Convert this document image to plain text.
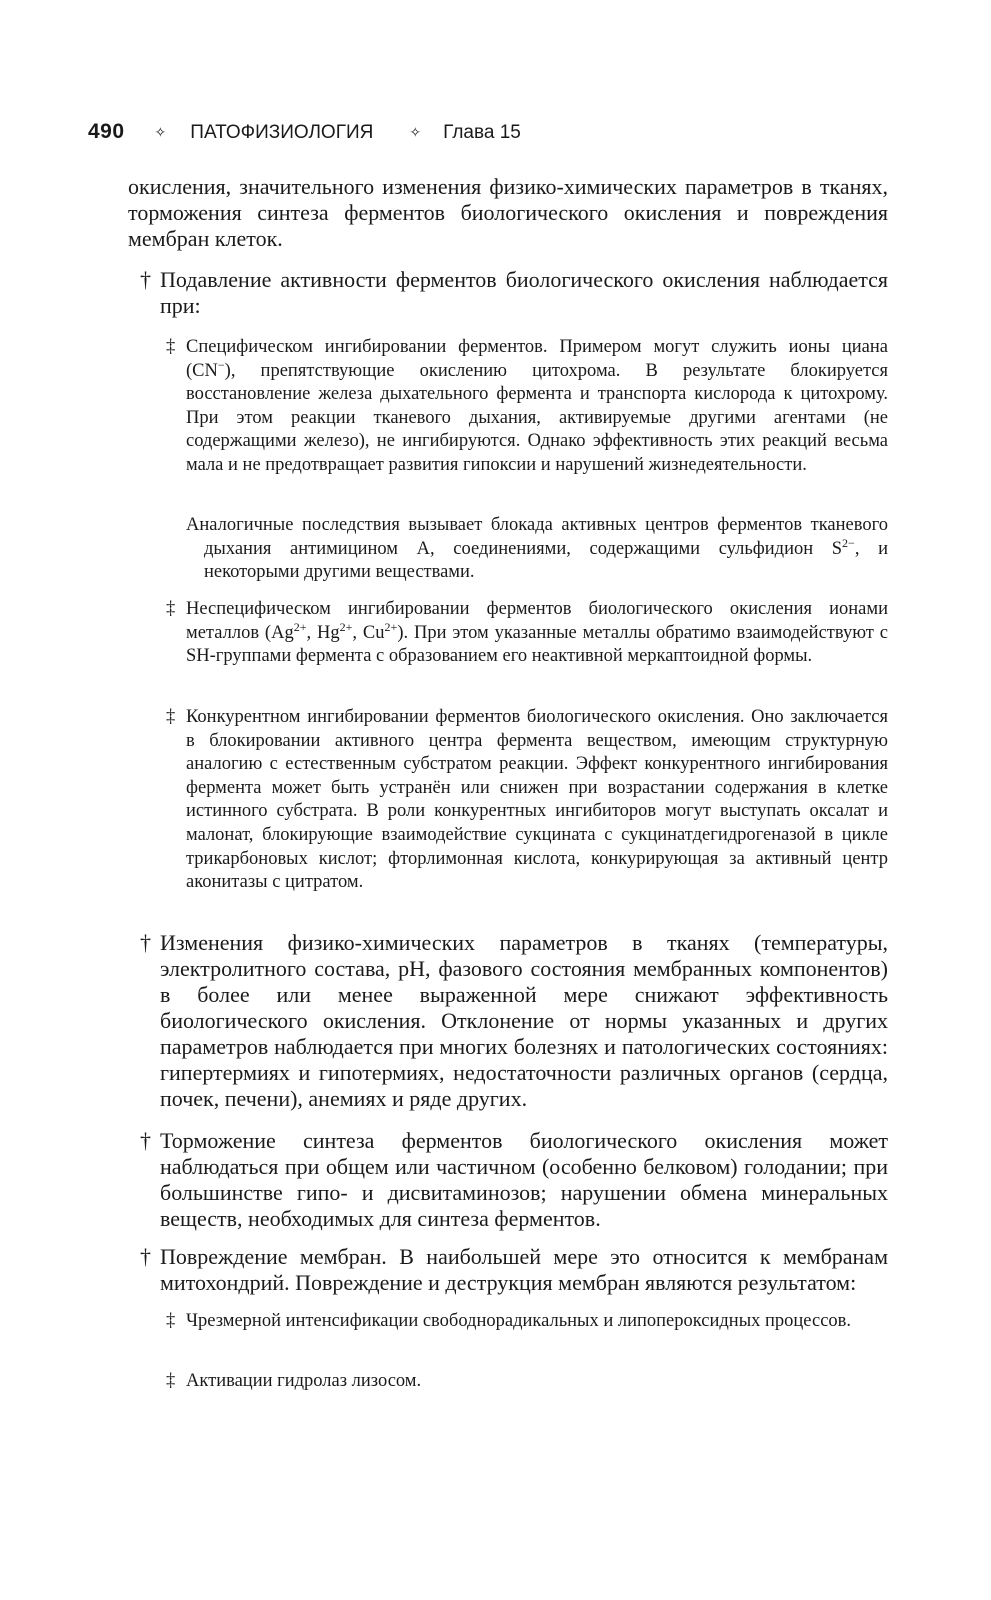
490 ✧ ПАТОФИЗИОЛОГИЯ	✧ Глава 15

окисления, значительного изменения физико-химических параметров в тканях, торможения синтеза ферментов биологического окисления и повреждения мембран клеток.

† Подавление активности ферментов биологического окисления наблюдается при:

‡ Специфическом ингибировании ферментов. Примером могут служить ионы циана (CN−), препятствующие окислению цитохрома. В результате блокируется восстановление железа дыхательного фермента и транспорта кислорода к цитохрому. При этом реакции тканевого дыхания, активируемые другими агентами (не содержащими железо), не ингибируются. Однако эффективность этих реакций весьма мала и не предотвращает развития гипоксии и нарушений жизнедеятельности.

Аналогичные последствия вызывает блокада активных центров ферментов тканевого дыхания антимицином А, соединениями, содержащими сульфидион $S^{2-}$, и некоторыми другими веществами.

‡ Неспецифическом ингибировании ферментов биологического окисления ионами металлов ($Ag^{2+}$, $Hg^{2+}$, $Cu^{2+}$). При этом указанные металлы обратимо взаимодействуют с SH-группами фермента с образованием его неактивной меркаптоидной формы.

‡ Конкурентном ингибировании ферментов биологического окисления. Оно заключается в блокировании активного центра фермента веществом, имеющим структурную аналогию с естественным субстратом реакции. Эффект конкурентного ингибирования фермента может быть устранён или снижен при возрастании содержания в клетке истинного субстрата. В роли конкурентных ингибиторов могут выступать оксалат и малонат, блокирующие взаимодействие сукцината с сукцинатдегидрогеназой в цикле трикарбоновых кислот; фторлимонная кислота, конкурирующая за активный центр аконитазы с цитратом.

† Изменения физико-химических параметров в тканях (температуры, электролитного состава, pH, фазового состояния мембранных компонентов) в более или менее выраженной мере снижают эффективность биологического окисления. Отклонение от нормы указанных и других параметров наблюдается при многих болезнях и патологических состояниях: гипертермиях и гипотермиях, недостаточности различных органов (сердца, почек, печени), анемиях и ряде других.

† Торможение синтеза ферментов биологического окисления может наблюдаться при общем или частичном (особенно белковом) голодании; при большинстве гипо- и дисвитаминозов; нарушении обмена минеральных веществ, необходимых для синтеза ферментов.

† Повреждение мембран. В наибольшей мере это относится к мембранам митохондрий. Повреждение и деструкция мембран являются результатом:

‡ Чрезмерной интенсификации свободнорадикальных и липопероксидных процессов.

‡ Активации гидролаз лизосом.
